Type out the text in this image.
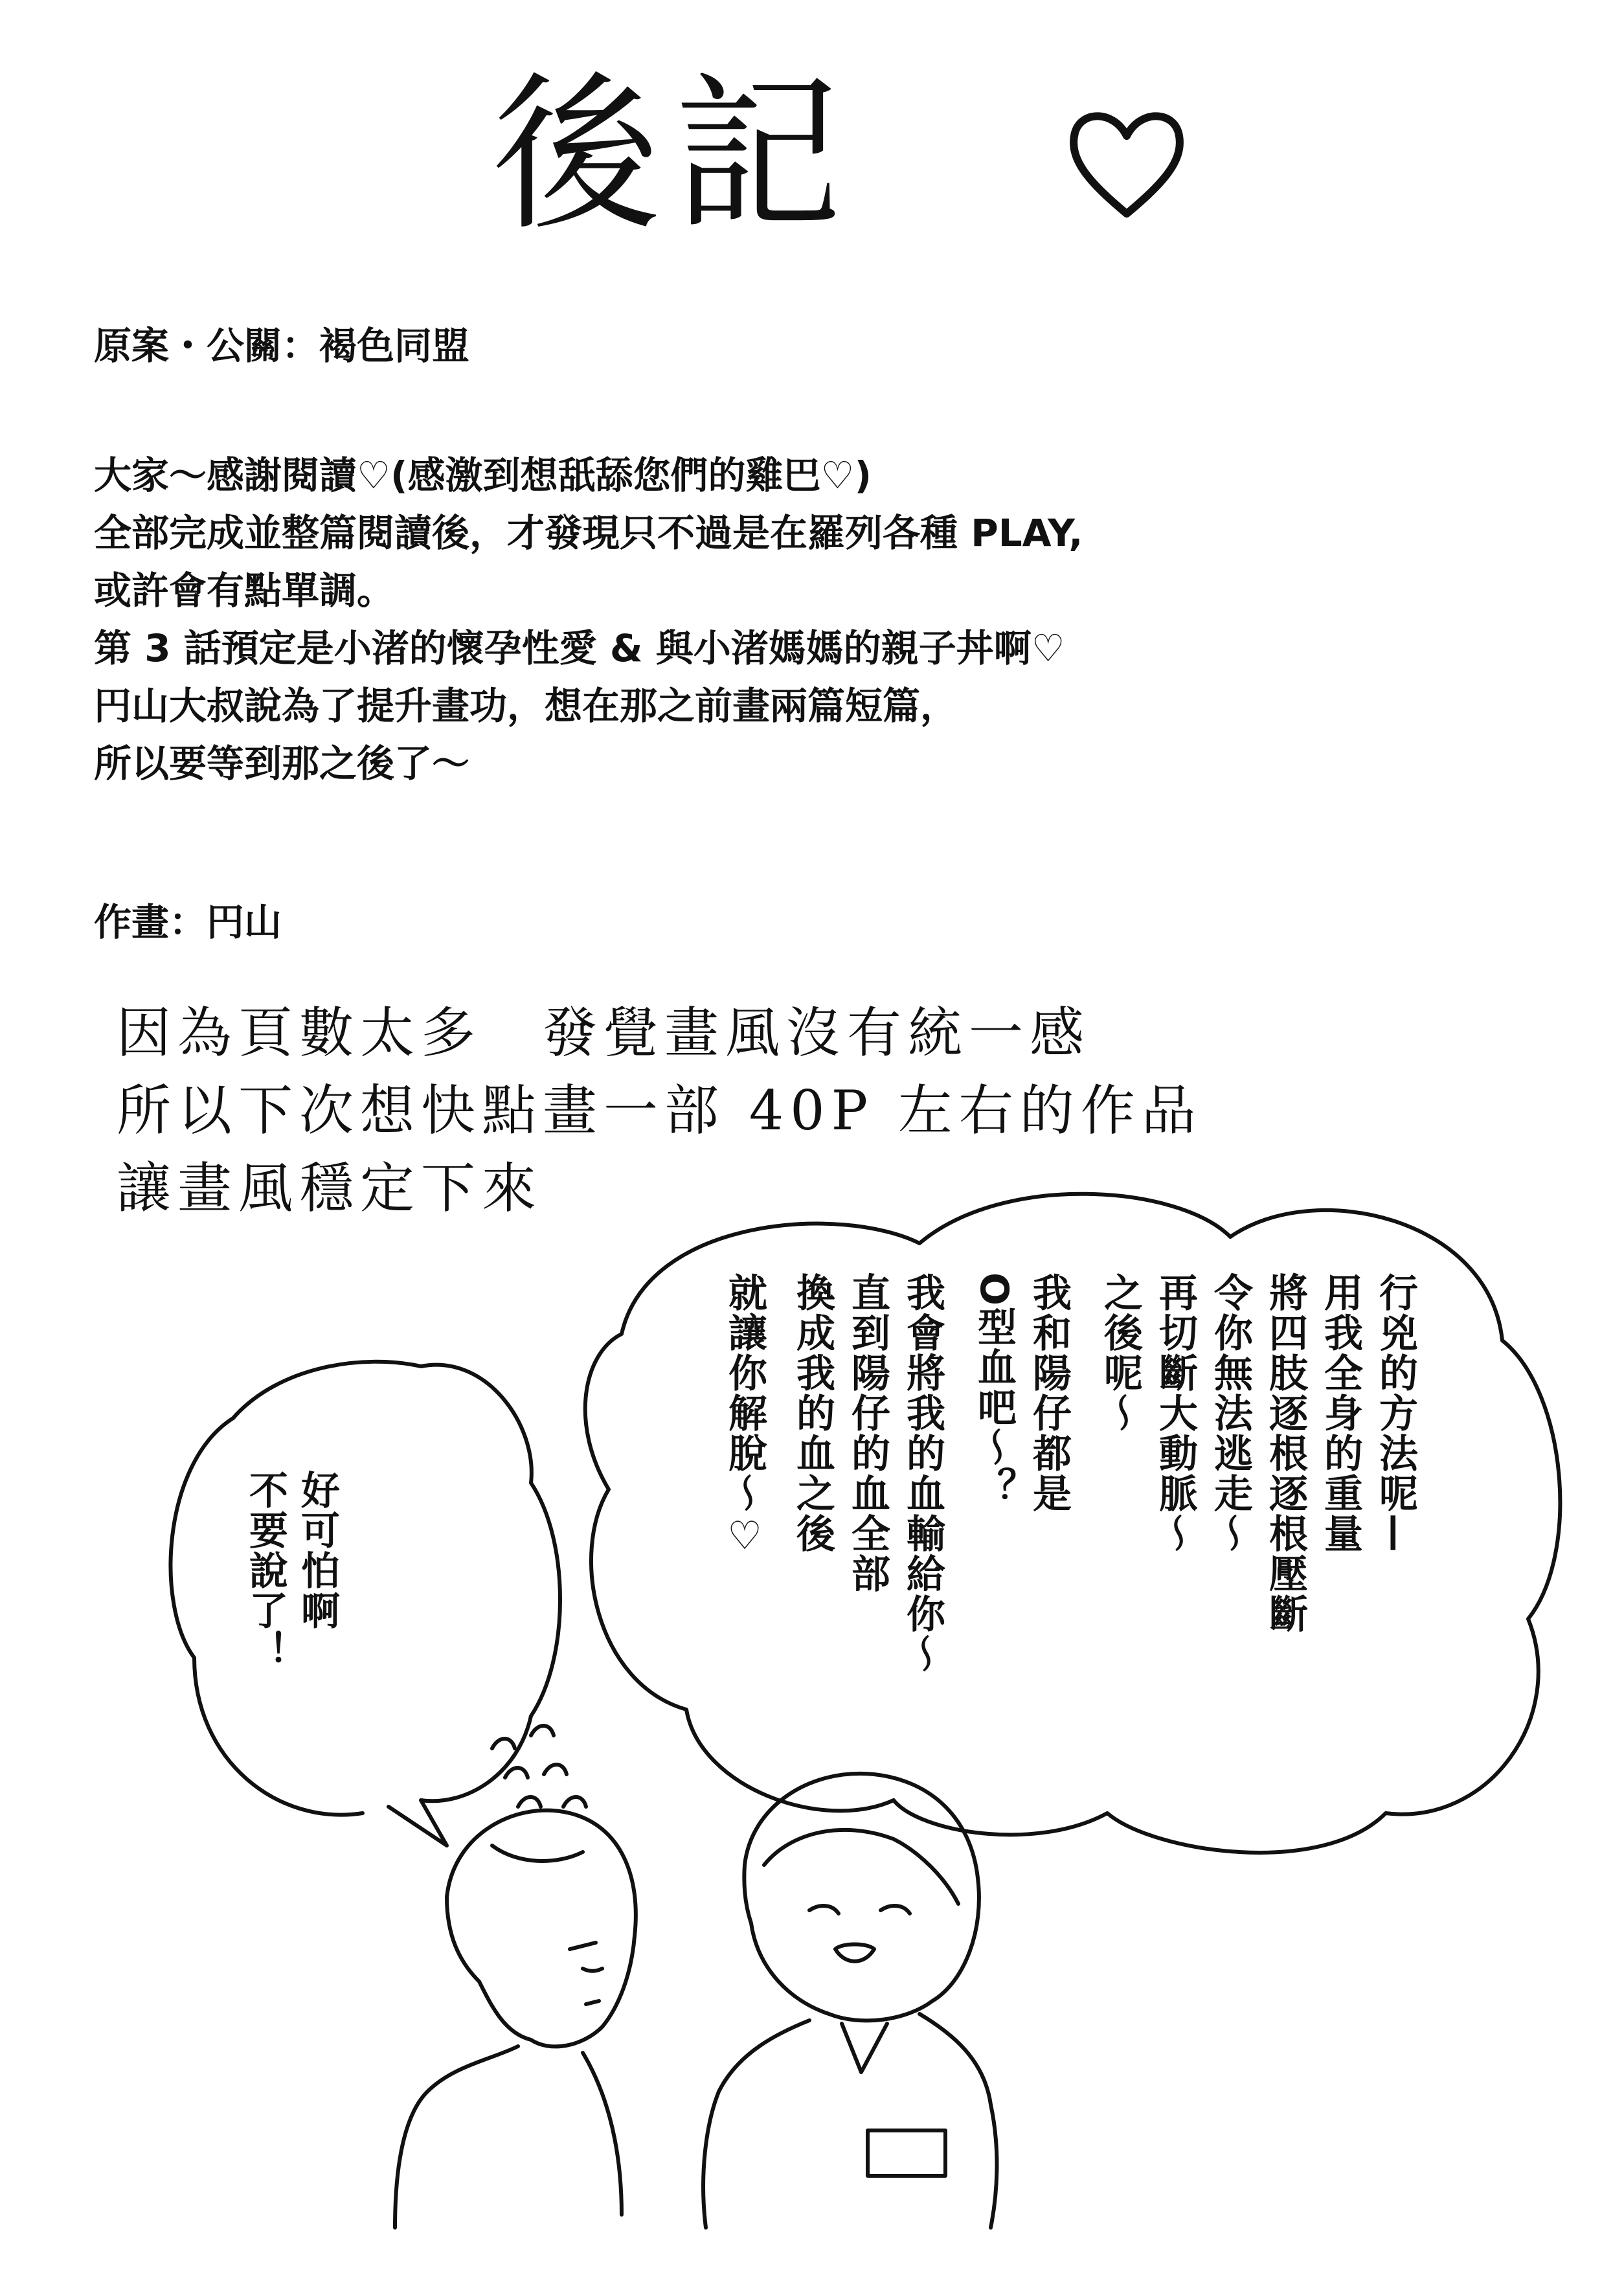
後記
原案・公關：褐色同盟
大家～感謝閱讀♡(感激到想舐舔您們的雞巴♡)
全部完成並整篇閱讀後，才發現只不過是在羅列各種 PLAY,
或許會有點單調。
第 3 話預定是小渚的懷孕性愛 & 與小渚媽媽的親子丼啊♡
円山大叔說為了提升畫功，想在那之前畫兩篇短篇，
所以要等到那之後了～
作畫：円山
因為頁數太多　發覺畫風沒有統一感
所以下次想快點畫一部 40P 左右的作品
讓畫風穩定下來
行兇的方法呢—
用我全身的重量
將四肢逐根逐根壓斷
令你無法逃走～
再切斷大動脈～
之後呢～
我和陽仔都是
O型血吧～？
我會將我的血輸給你～
直到陽仔的血全部
換成我的血之後
就讓你解脫～♡
好可怕啊
不要說了！
